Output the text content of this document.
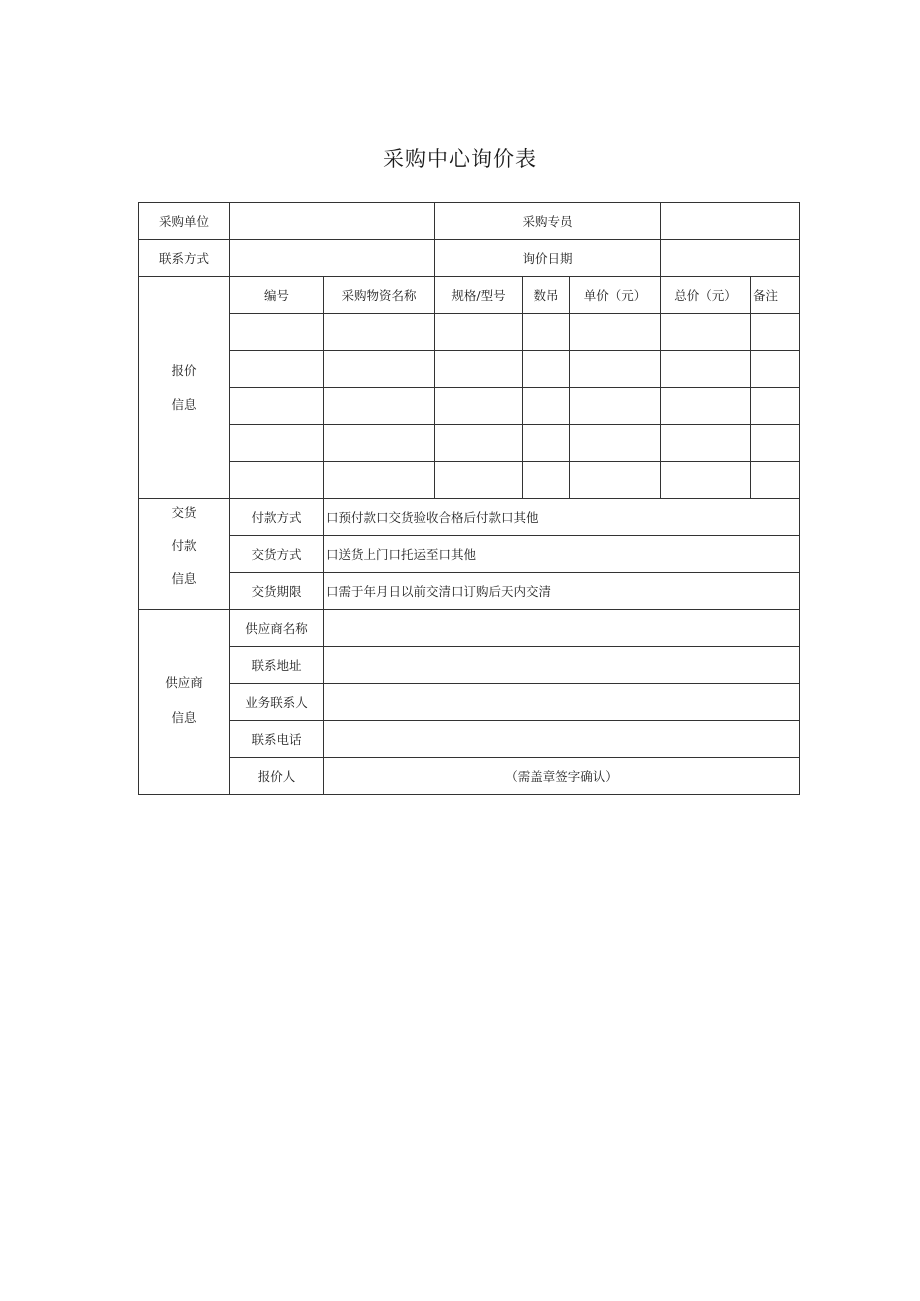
采购中心询价表
采购单位			采购专员				
联系方式			询价日期				

报价
信息	编号	采购物资名称	规格/型号	数吊	单价（元）	总价（元）	备注

交货
付款
信息	付款方式	口预付款口交货验收合格后付款口其他					
	交货方式	口送货上门口托运至口其他					
	交货期限	口需于年月日以前交清口订购后天内交清					

供应商
信息	供应商名称						
	联系地址						
	业务联系人						
	联系电话						
	报价人	（需盖章签字确认）					
